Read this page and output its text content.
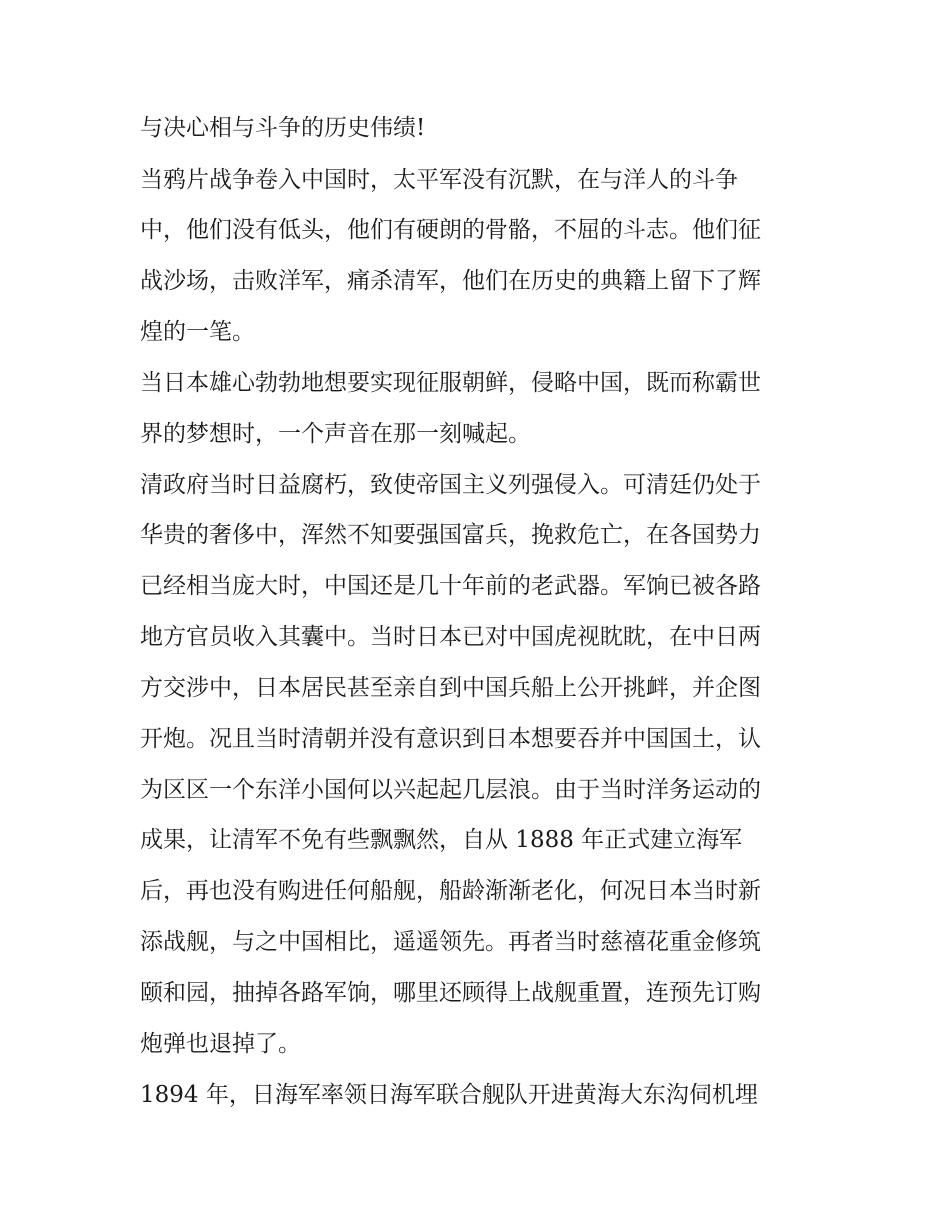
与决心相与斗争的历史伟绩!
当鸦片战争卷入中国时，太平军没有沉默，在与洋人的斗争
中，他们没有低头，他们有硬朗的骨骼，不屈的斗志。他们征
战沙场，击败洋军，痛杀清军，他们在历史的典籍上留下了辉
煌的一笔。
当日本雄心勃勃地想要实现征服朝鲜，侵略中国，既而称霸世
界的梦想时，一个声音在那一刻喊起。
清政府当时日益腐朽，致使帝国主义列强侵入。可清廷仍处于
华贵的奢侈中，浑然不知要强国富兵，挽救危亡，在各国势力
已经相当庞大时，中国还是几十年前的老武器。军饷已被各路
地方官员收入其囊中。当时日本已对中国虎视眈眈，在中日两
方交涉中，日本居民甚至亲自到中国兵船上公开挑衅，并企图
开炮。况且当时清朝并没有意识到日本想要吞并中国国土，认
为区区一个东洋小国何以兴起起几层浪。由于当时洋务运动的
成果，让清军不免有些飘飘然，自从 1888 年正式建立海军
后，再也没有购进任何船舰，船龄渐渐老化，何况日本当时新
添战舰，与之中国相比，遥遥领先。再者当时慈禧花重金修筑
颐和园，抽掉各路军饷，哪里还顾得上战舰重置，连预先订购
炮弹也退掉了。
1894 年，日海军率领日海军联合舰队开进黄海大东沟伺机埋
